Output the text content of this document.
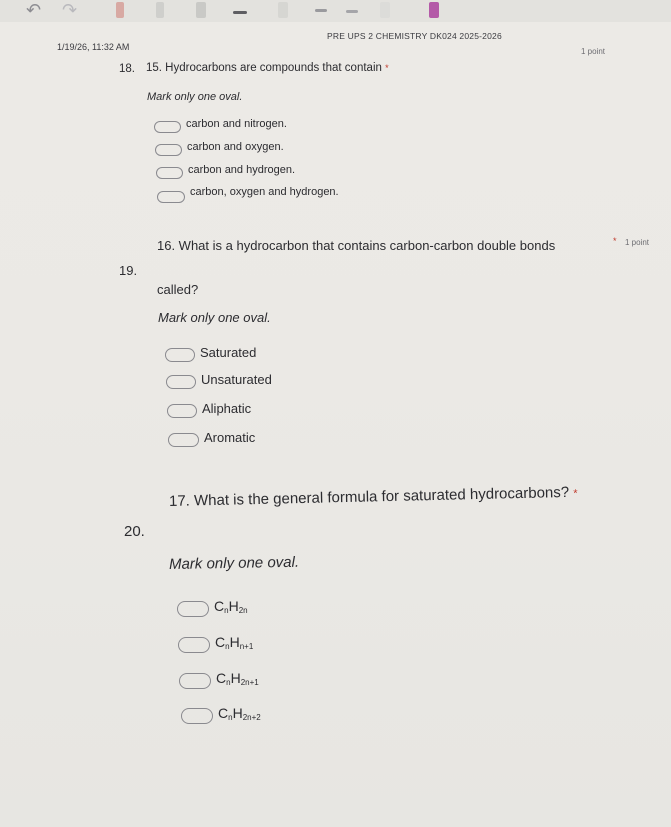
↶ ↷
1/19/26, 11:32 AM
PRE UPS 2 CHEMISTRY DK024 2025-2026
18. 15. Hydrocarbons are compounds that contain *
1 point
Mark only one oval.
carbon and nitrogen.
carbon and oxygen.
carbon and hydrogen.
carbon, oxygen and hydrogen.
19.
16. What is a hydrocarbon that contains carbon-carbon double bonds	* 1 point
called?
Mark only one oval.
Saturated
Unsaturated
Aliphatic
Aromatic
20.
17. What is the general formula for saturated hydrocarbons? *
Mark only one oval.
$C_nH_{2n}$
$C_nH_{n+1}$
$C_nH_{2n+1}$
$C_nH_{2n+2}$
